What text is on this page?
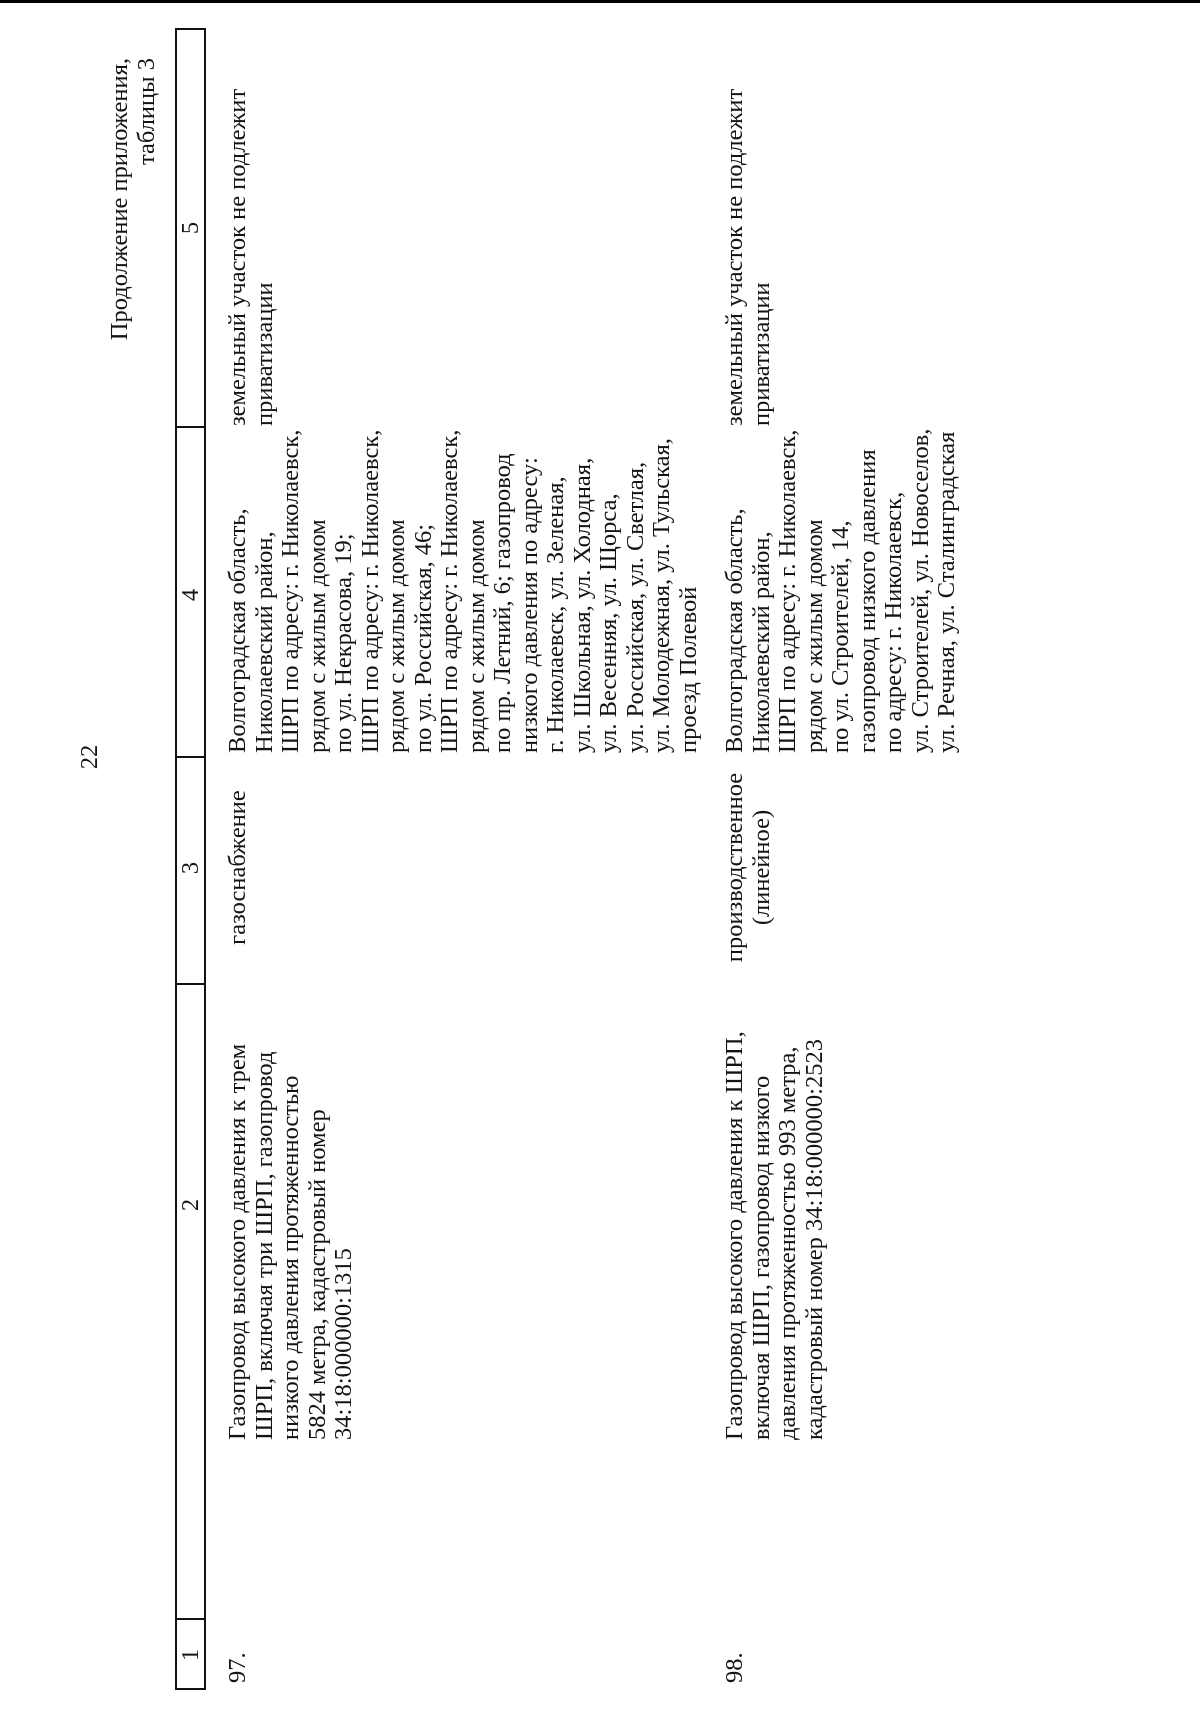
22
Продолжение приложения, таблицы 3
1
2
3
4
5
97.
Газопровод высокого давления к трем ШРП, включая три ШРП, газопровод низкого давления протяженностью 5824 метра, кадастровый номер 34:18:000000:1315
газоснабжение
Волгоградская область, Николаевский район, ШРП по адресу: г. Николаевск, рядом с жилым домом по ул. Некрасова, 19; ШРП по адресу: г. Николаевск, рядом с жилым домом по ул. Российская, 46; ШРП по адресу: г. Николаевск, рядом с жилым домом по пр. Летний, 6; газопровод низкого давления по адресу: г. Николаевск, ул. Зеленая, ул. Школьная, ул. Холодная, ул. Весенняя, ул. Щорса, ул. Российская, ул. Светлая, ул. Молодежная, ул. Тульская, проезд Полевой
земельный участок не подлежит приватизации
98.
Газопровод высокого давления к ШРП, включая ШРП, газопровод низкого давления протяженностью 993 метра, кадастровый номер 34:18:000000:2523
производственное (линейное)
Волгоградская область, Николаевский район, ШРП по адресу: г. Николаевск, рядом с жилым домом по ул. Строителей, 14, газопровод низкого давления по адресу: г. Николаевск, ул. Строителей, ул. Новоселов, ул. Речная, ул. Сталинградская
земельный участок не подлежит приватизации
